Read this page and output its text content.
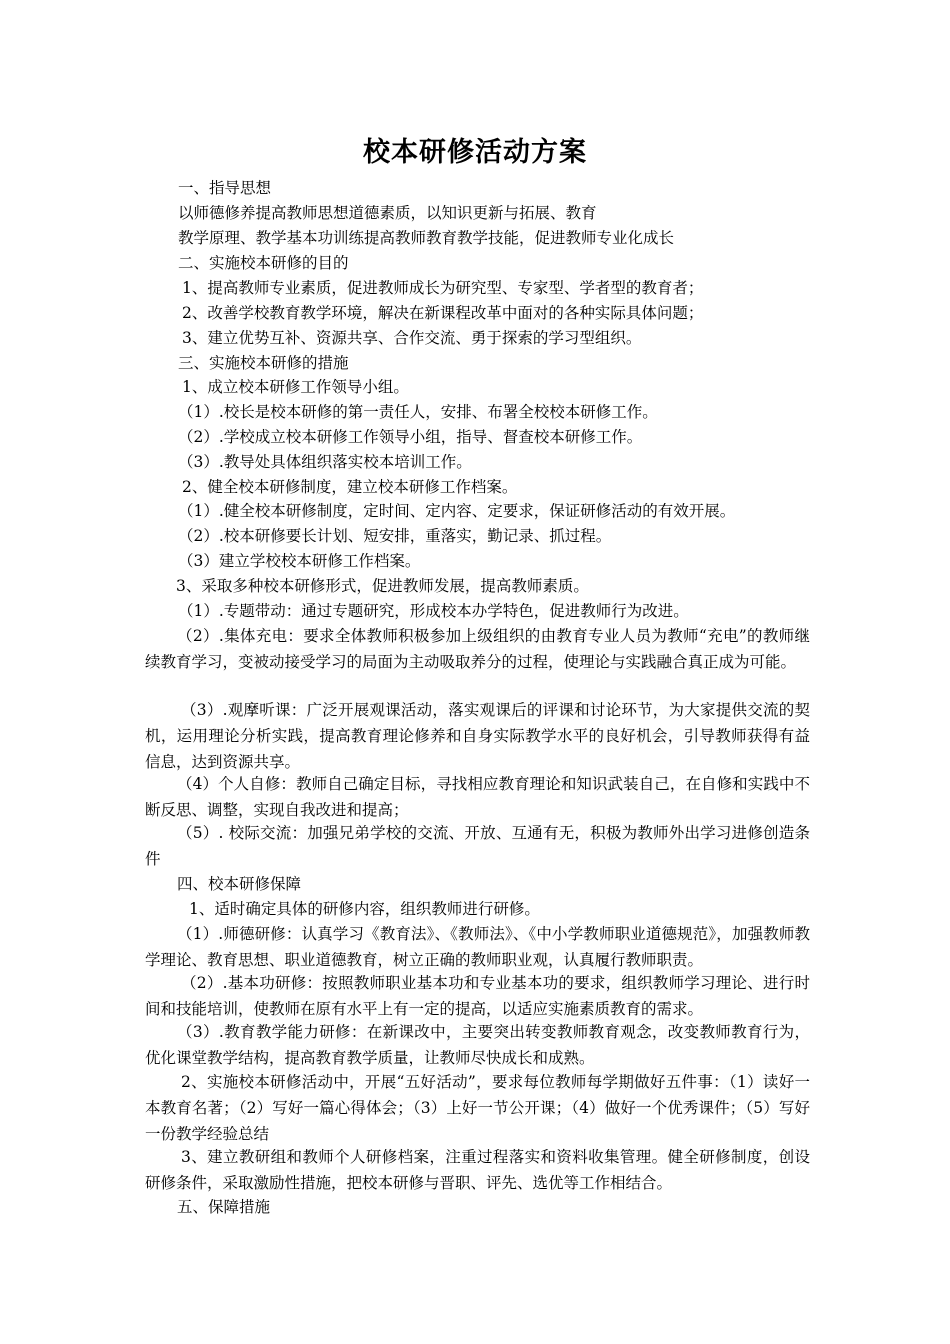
校本研修活动方案
一、指导思想
以师德修养提高教师思想道德素质，以知识更新与拓展、教育
教学原理、教学基本功训练提高教师教育教学技能，促进教师专业化成长
二、实施校本研修的目的
1、提高教师专业素质，促进教师成长为研究型、专家型、学者型的教育者；
2、改善学校教育教学环境，解决在新课程改革中面对的各种实际具体问题；
3、建立优势互补、资源共享、合作交流、勇于探索的学习型组织。
三、实施校本研修的措施
1、成立校本研修工作领导小组。
（1）.校长是校本研修的第一责任人，安排、布署全校校本研修工作。
（2）.学校成立校本研修工作领导小组，指导、督查校本研修工作。
（3）.教导处具体组织落实校本培训工作。
2、健全校本研修制度，建立校本研修工作档案。
（1）.健全校本研修制度，定时间、定内容、定要求，保证研修活动的有效开展。
（2）.校本研修要长计划、短安排，重落实，勤记录、抓过程。
（3）建立学校校本研修工作档案。
3、采取多种校本研修形式，促进教师发展，提高教师素质。
（1）.专题带动：通过专题研究，形成校本办学特色，促进教师行为改进。

（2）.集体充电：要求全体教师积极参加上级组织的由教育专业人员为教师“充电”的教师继续教育学习，变被动接受学习的局面为主动吸取养分的过程，使理论与实践融合真正成为可能。

（3）.观摩听课：广泛开展观课活动，落实观课后的评课和讨论环节，为大家提供交流的契机，运用理论分析实践，提高教育理论修养和自身实际教学水平的良好机会，引导教师获得有益信息，达到资源共享。

（4）个人自修：教师自己确定目标，寻找相应教育理论和知识武装自己，在自修和实践中不断反思、调整，实现自我改进和提高；

（5）. 校际交流：加强兄弟学校的交流、开放、互通有无，积极为教师外出学习进修创造条件

四、校本研修保障

1、适时确定具体的研修内容，组织教师进行研修。

（1）.师德研修：认真学习《教育法》、《教师法》、《中小学教师职业道德规范》，加强教师教学理论、教育思想、职业道德教育，树立正确的教师职业观，认真履行教师职责。

（2）.基本功研修：按照教师职业基本功和专业基本功的要求，组织教师学习理论、进行时间和技能培训，使教师在原有水平上有一定的提高，以适应实施素质教育的需求。

（3）.教育教学能力研修：在新课改中，主要突出转变教师教育观念，改变教师教育行为，优化课堂教学结构，提高教育教学质量，让教师尽快成长和成熟。

2、实施校本研修活动中，开展“五好活动”，要求每位教师每学期做好五件事：（1）读好一本教育名著；（2）写好一篇心得体会；（3）上好一节公开课；（4）做好一个优秀课件；（5）写好一份教学经验总结

3、建立教研组和教师个人研修档案，注重过程落实和资料收集管理。健全研修制度，创设研修条件，采取激励性措施，把校本研修与晋职、评先、选优等工作相结合。

五、保障措施
